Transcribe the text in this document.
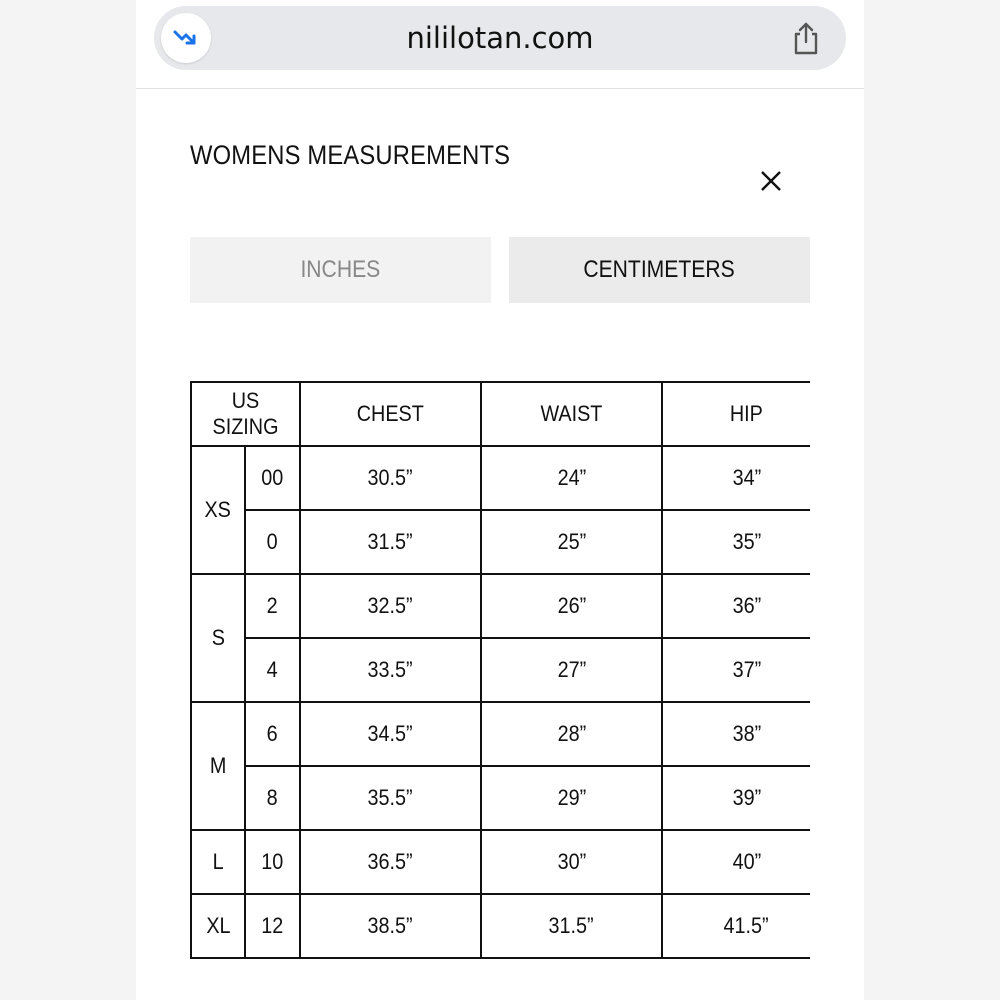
nililotan.com
WOMENS MEASUREMENTS
INCHES	CENTIMETERS
US SIZING		CHEST	WAIST	HIP
XS	00	30.5”	24”	34”
	0	31.5”	25”	35”
S	2	32.5”	26”	36”
	4	33.5”	27”	37”
M	6	34.5”	28”	38”
	8	35.5”	29”	39”
L	10	36.5”	30”	40”
XL	12	38.5”	31.5”	41.5”
